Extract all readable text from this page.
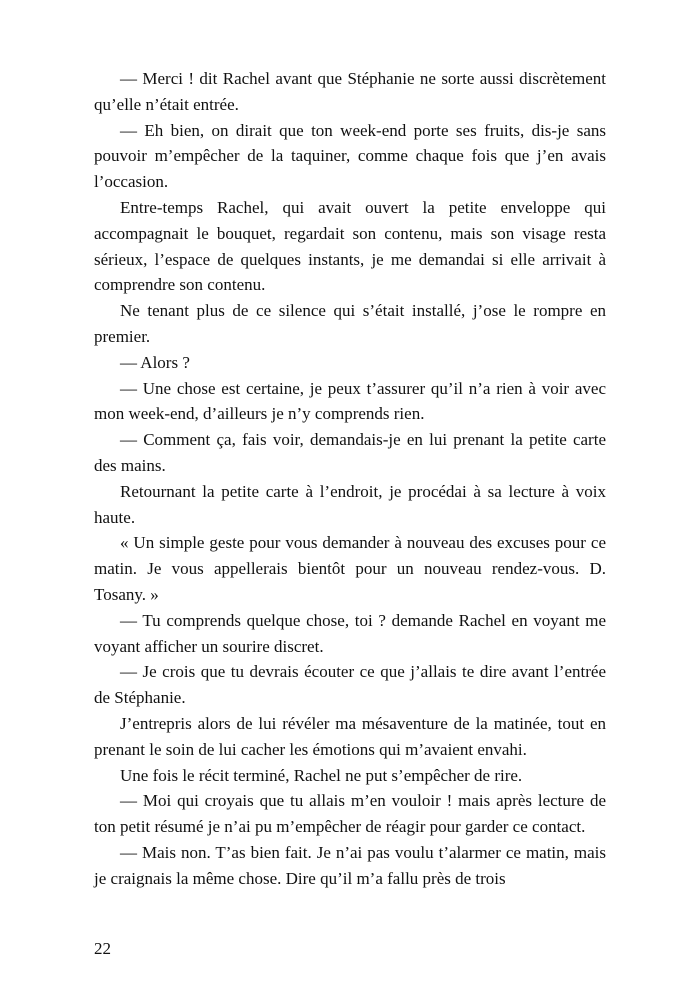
— Merci ! dit Rachel avant que Stéphanie ne sorte aussi discrètement qu’elle n’était entrée.

— Eh bien, on dirait que ton week-end porte ses fruits, dis-je sans pouvoir m’empêcher de la taquiner, comme chaque fois que j’en avais l’occasion.

Entre-temps Rachel, qui avait ouvert la petite enveloppe qui accompagnait le bouquet, regardait son contenu, mais son visage resta sérieux, l’espace de quelques instants, je me demandai si elle arrivait à comprendre son contenu.

Ne tenant plus de ce silence qui s’était installé, j’ose le rompre en premier.

— Alors ?

— Une chose est certaine, je peux t’assurer qu’il n’a rien à voir avec mon week-end, d’ailleurs je n’y comprends rien.

— Comment ça, fais voir, demandais-je en lui prenant la petite carte des mains.

Retournant la petite carte à l’endroit, je procédai à sa lecture à voix haute.

« Un simple geste pour vous demander à nouveau des excuses pour ce matin. Je vous appellerais bientôt pour un nouveau rendez-vous. D. Tosany. »

— Tu comprends quelque chose, toi ? demande Rachel en voyant me voyant afficher un sourire discret.

— Je crois que tu devrais écouter ce que j’allais te dire avant l’entrée de Stéphanie.

J’entrepris alors de lui révéler ma mésaventure de la matinée, tout en prenant le soin de lui cacher les émotions qui m’avaient envahi.

Une fois le récit terminé, Rachel ne put s’empêcher de rire.

— Moi qui croyais que tu allais m’en vouloir ! mais après lecture de ton petit résumé je n’ai pu m’empêcher de réagir pour garder ce contact.

— Mais non. T’as bien fait. Je n’ai pas voulu t’alarmer ce matin, mais je craignais la même chose. Dire qu’il m’a fallu près de trois

22
